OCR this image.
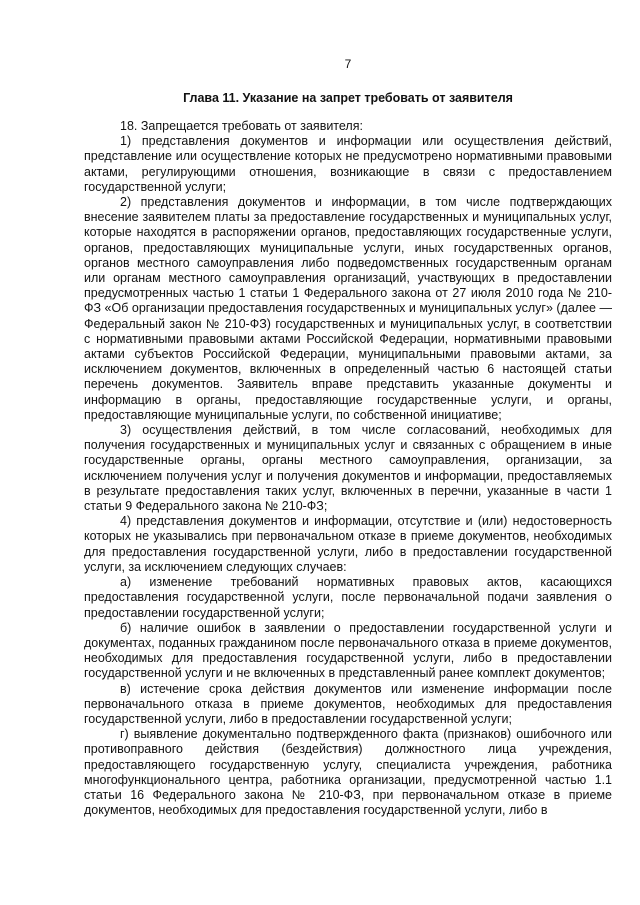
7
Глава 11. Указание на запрет требовать от заявителя

18. Запрещается требовать от заявителя:

1) представления документов и информации или осуществления действий, представление или осуществление которых не предусмотрено нормативными правовыми актами, регулирующими отношения, возникающие в связи с предоставлением государственной услуги;

2) представления документов и информации, в том числе подтверждающих внесение заявителем платы за предоставление государственных и муниципальных услуг, которые находятся в распоряжении органов, предоставляющих государственные услуги, органов, предоставляющих муниципальные услуги, иных государственных органов, органов местного самоуправления либо подведомственных государственным органам или органам местного самоуправления организаций, участвующих в предоставлении предусмотренных частью 1 статьи 1 Федерального закона от 27 июля 2010 года № 210-ФЗ «Об организации предоставления государственных и муниципальных услуг» (далее — Федеральный закон № 210-ФЗ) государственных и муниципальных услуг, в соответствии с нормативными правовыми актами Российской Федерации, нормативными правовыми актами субъектов Российской Федерации, муниципальными правовыми актами, за исключением документов, включенных в определенный частью 6 настоящей статьи перечень документов. Заявитель вправе представить указанные документы и информацию в органы, предоставляющие государственные услуги, и органы, предоставляющие муниципальные услуги, по собственной инициативе;

3) осуществления действий, в том числе согласований, необходимых для получения государственных и муниципальных услуг и связанных с обращением в иные государственные органы, органы местного самоуправления, организации, за исключением получения услуг и получения документов и информации, предоставляемых в результате предоставления таких услуг, включенных в перечни, указанные в части 1 статьи 9 Федерального закона № 210-ФЗ;

4) представления документов и информации, отсутствие и (или) недостоверность которых не указывались при первоначальном отказе в приеме документов, необходимых для предоставления государственной услуги, либо в предоставлении государственной услуги, за исключением следующих случаев:

а) изменение требований нормативных правовых актов, касающихся предоставления государственной услуги, после первоначальной подачи заявления о предоставлении государственной услуги;

б) наличие ошибок в заявлении о предоставлении государственной услуги и документах, поданных гражданином после первоначального отказа в приеме документов, необходимых для предоставления государственной услуги, либо в предоставлении государственной услуги и не включенных в представленный ранее комплект документов;

в) истечение срока действия документов или изменение информации после первоначального отказа в приеме документов, необходимых для предоставления государственной услуги, либо в предоставлении государственной услуги;

г) выявление документально подтвержденного факта (признаков) ошибочного или противоправного действия (бездействия) должностного лица учреждения, предоставляющего государственную услугу, специалиста учреждения, работника многофункционального центра, работника организации, предусмотренной частью 1.1 статьи 16 Федерального закона № 210-ФЗ, при первоначальном отказе в приеме документов, необходимых для предоставления государственной услуги, либо в
